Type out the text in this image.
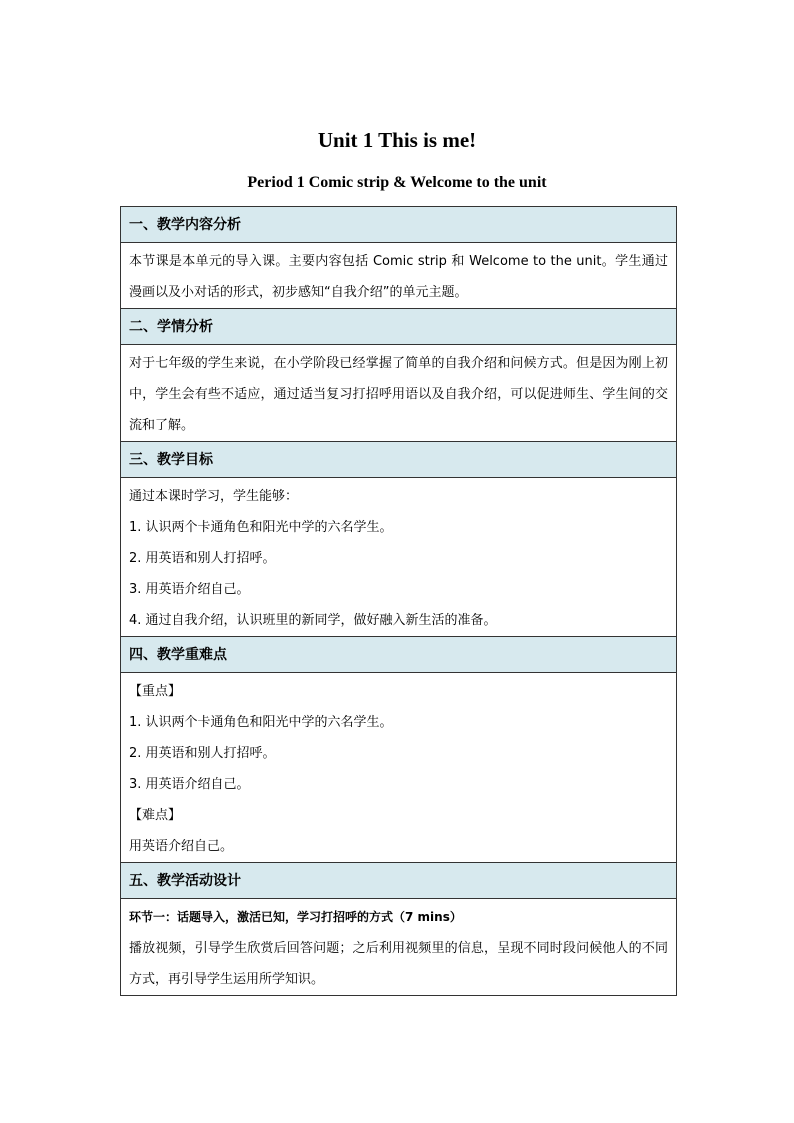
Unit 1 This is me!
Period 1 Comic strip & Welcome to the unit
一、教学内容分析
本节课是本单元的导入课。主要内容包括 Comic strip 和 Welcome to the unit。学生通过漫画以及小对话的形式，初步感知“自我介绍”的单元主题。
二、学情分析
对于七年级的学生来说，在小学阶段已经掌握了简单的自我介绍和问候方式。但是因为刚上初中，学生会有些不适应，通过适当复习打招呼用语以及自我介绍，可以促进师生、学生间的交流和了解。
三、教学目标
通过本课时学习，学生能够：
1. 认识两个卡通角色和阳光中学的六名学生。
2. 用英语和别人打招呼。
3. 用英语介绍自己。
4. 通过自我介绍，认识班里的新同学，做好融入新生活的准备。
四、教学重难点
【重点】
1. 认识两个卡通角色和阳光中学的六名学生。
2. 用英语和别人打招呼。
3. 用英语介绍自己。
【难点】
用英语介绍自己。
五、教学活动设计
环节一：话题导入，激活已知，学习打招呼的方式（7 mins）
播放视频，引导学生欣赏后回答问题；之后利用视频里的信息，呈现不同时段问候他人的不同方式，再引导学生运用所学知识。
